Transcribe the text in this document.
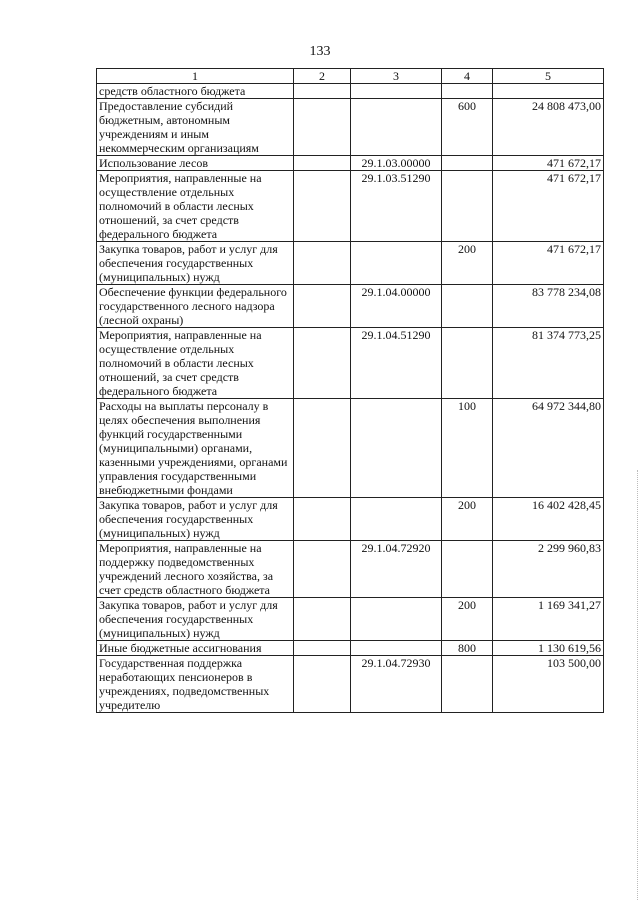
133
1	2	3	4	5
средств областного бюджета				
Предоставление субсидий бюджетным, автономным учреждениям и иным некоммерческим организациям			600	24 808 473,00
Использование лесов		29.1.03.00000		471 672,17
Мероприятия, направленные на осуществление отдельных полномочий в области лесных отношений, за счет средств федерального бюджета		29.1.03.51290		471 672,17
Закупка товаров, работ и услуг для обеспечения государственных (муниципальных) нужд			200	471 672,17
Обеспечение функции федерального государственного лесного надзора (лесной охраны)		29.1.04.00000		83 778 234,08
Мероприятия, направленные на осуществление отдельных полномочий в области лесных отношений, за счет средств федерального бюджета		29.1.04.51290		81 374 773,25
Расходы на выплаты персоналу в целях обеспечения выполнения функций государственными (муниципальными) органами, казенными учреждениями, органами управления государственными внебюджетными фондами			100	64 972 344,80
Закупка товаров, работ и услуг для обеспечения государственных (муниципальных) нужд			200	16 402 428,45
Мероприятия, направленные на поддержку подведомственных учреждений лесного хозяйства, за счет средств областного бюджета		29.1.04.72920		2 299 960,83
Закупка товаров, работ и услуг для обеспечения государственных (муниципальных) нужд			200	1 169 341,27
Иные бюджетные ассигнования			800	1 130 619,56
Государственная поддержка неработающих пенсионеров в учреждениях, подведомственных учредителю		29.1.04.72930		103 500,00
